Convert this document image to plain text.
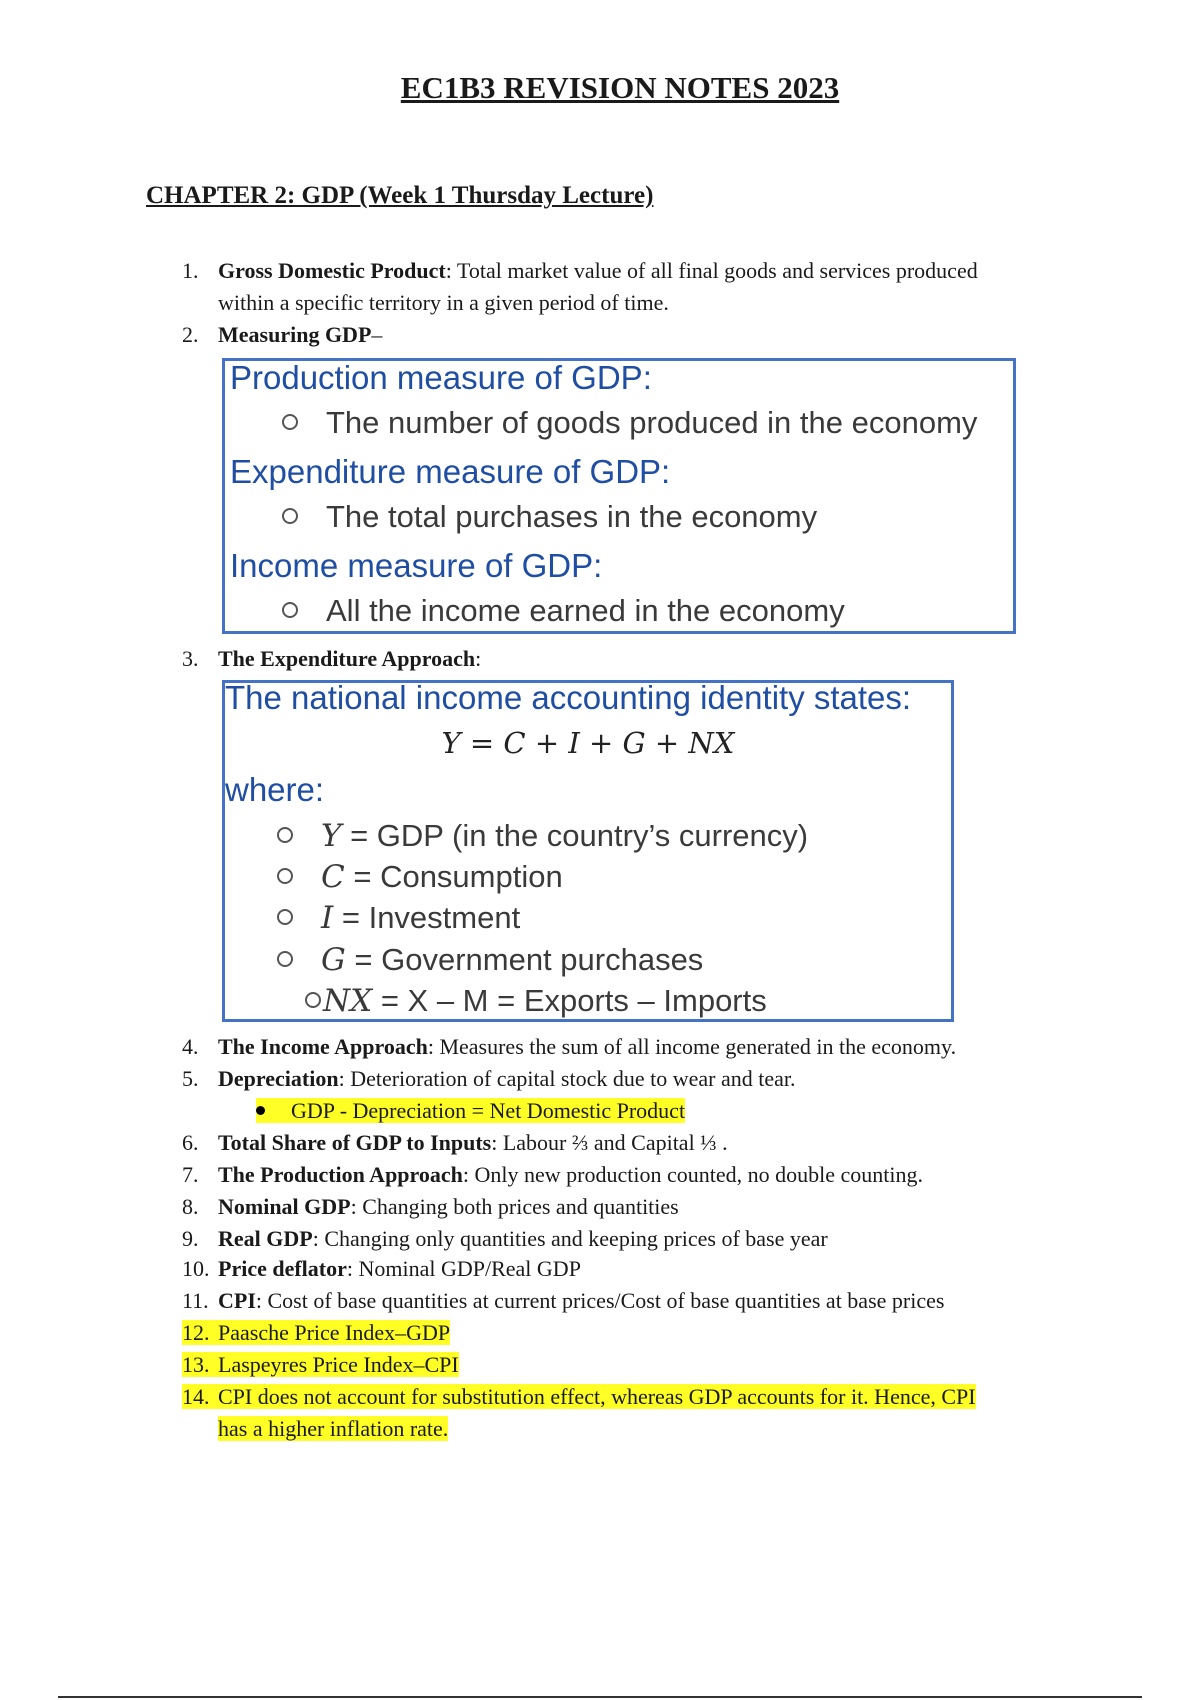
EC1B3 REVISION NOTES 2023
CHAPTER 2: GDP (Week 1 Thursday Lecture)
1. Gross Domestic Product: Total market value of all final goods and services produced
within a specific territory in a given period of time.
2. Measuring GDP–
Production measure of GDP:
The number of goods produced in the economy
Expenditure measure of GDP:
The total purchases in the economy
Income measure of GDP:
All the income earned in the economy
3. The Expenditure Approach:
The national income accounting identity states:
Y = C + I + G + NX
where:
Y = GDP (in the country’s currency)
C = Consumption
I = Investment
G = Government purchases
NX = X – M = Exports – Imports
4. The Income Approach: Measures the sum of all income generated in the economy.
5. Depreciation: Deterioration of capital stock due to wear and tear.
GDP - Depreciation = Net Domestic Product
6. Total Share of GDP to Inputs: Labour ⅔ and Capital ⅓ .
7. The Production Approach: Only new production counted, no double counting.
8. Nominal GDP: Changing both prices and quantities
9. Real GDP: Changing only quantities and keeping prices of base year
10. Price deflator: Nominal GDP/Real GDP
11. CPI: Cost of base quantities at current prices/Cost of base quantities at base prices
12. Paasche Price Index–GDP
13. Laspeyres Price Index–CPI
14. CPI does not account for substitution effect, whereas GDP accounts for it. Hence, CPI
has a higher inflation rate.
